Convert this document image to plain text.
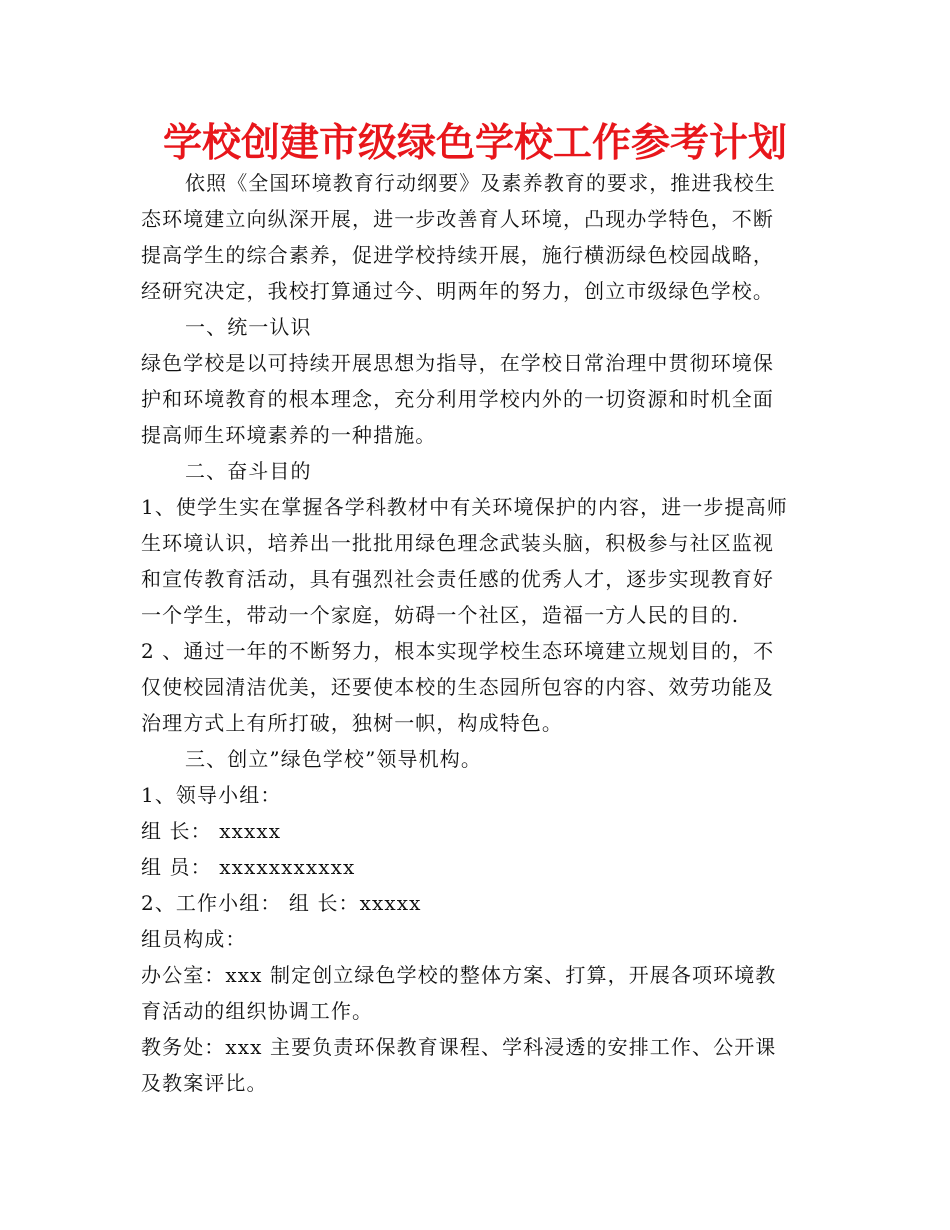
学校创建市级绿色学校工作参考计划
依照《全国环境教育行动纲要》及素养教育的要求，推进我校生
态环境建立向纵深开展，进一步改善育人环境，凸现办学特色，不断
提高学生的综合素养，促进学校持续开展，施行横沥绿色校园战略，
经研究决定，我校打算通过今、明两年的努力，创立市级绿色学校。
一、统一认识
绿色学校是以可持续开展思想为指导，在学校日常治理中贯彻环境保
护和环境教育的根本理念，充分利用学校内外的一切资源和时机全面
提高师生环境素养的一种措施。
二、奋斗目的
1、使学生实在掌握各学科教材中有关环境保护的内容，进一步提高师
生环境认识，培养出一批批用绿色理念武装头脑，积极参与社区监视
和宣传教育活动，具有强烈社会责任感的优秀人才，逐步实现教育好
一个学生，带动一个家庭，妨碍一个社区，造福一方人民的目的.
2 、通过一年的不断努力，根本实现学校生态环境建立规划目的，不
仅使校园清洁优美，还要使本校的生态园所包容的内容、效劳功能及
治理方式上有所打破，独树一帜，构成特色。
三、创立”绿色学校”领导机构。
1、领导小组：
组 长： xxxxx
组 员： xxxxxxxxxxx
2、工作小组： 组 长：xxxxx
组员构成：
办公室：xxx 制定创立绿色学校的整体方案、打算，开展各项环境教
育活动的组织协调工作。
教务处：xxx 主要负责环保教育课程、学科浸透的安排工作、公开课
及教案评比。
